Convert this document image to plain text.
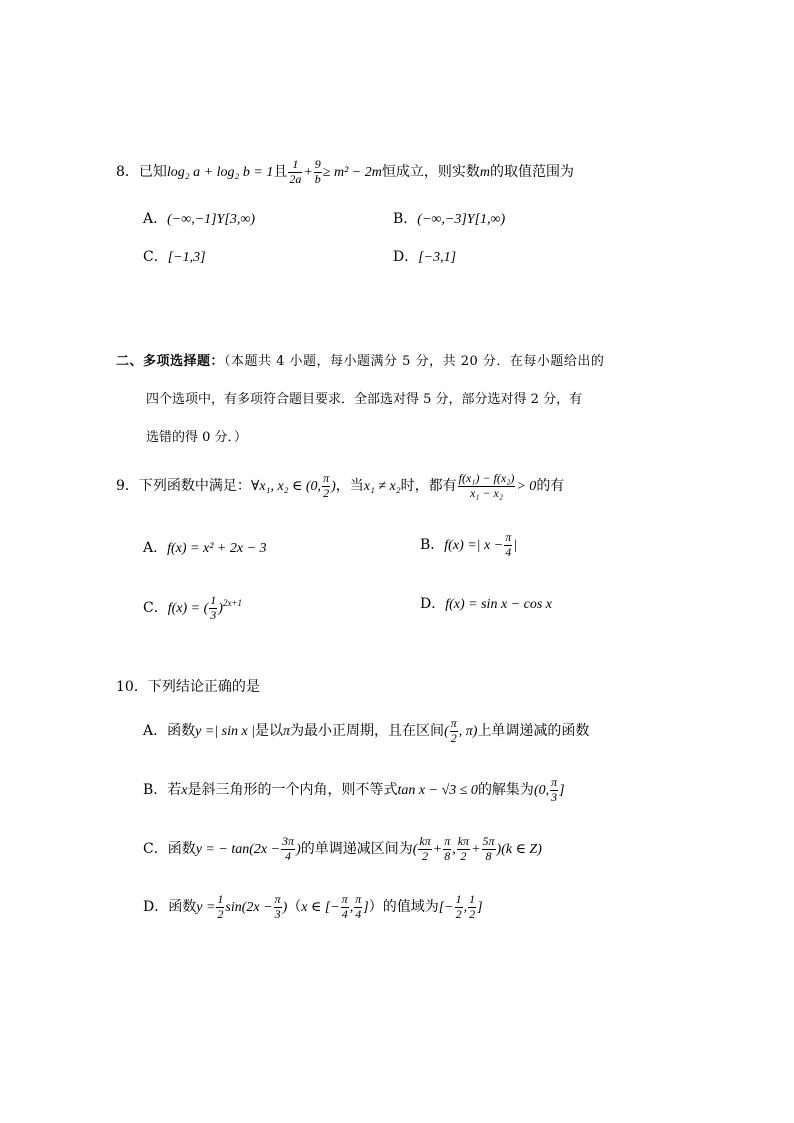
8．已知log₂ a + log₂ b = 1且 $\frac{1}{2a} + \frac{9}{b} \ge m^2 - 2m$恒成立，则实数m的取值范围为
A．(−∞,−1]Y[3,∞)	B．(−∞,−3]Y[1,∞)
C．[−1,3]	D．[−3,1]
二、多项选择题：（本题共 4 小题，每小题满分 5 分，共 20 分．在每小题给出的
四个选项中，有多项符合题目要求．全部选对得 5 分，部分选对得 2 分，有
选错的得 0 分．）
9．下列函数中满足：∀x₁, x₂ ∈ (0, $\frac{\pi}{2}$ )，当x₁ ≠ x₂时，都有 $\frac{\text{f(x₁) − f(x₂)}}{\text{x₁ − x₂}} > 0$的有
A．f(x) = x² + 2x − 3	B．f(x) =| $x - \frac{\pi}{4}$ |
C．f(x) = ( $\frac{1}{3} )^{2x+1}$	D．f(x) = sin x − cos x
10．下列结论正确的是
A．函数y =| sin x |是以π为最小正周期，且在区间( $\frac{\pi}{2}$ , π)上单调递减的函数
B．若x是斜三角形的一个内角，则不等式tan x − √3 ≤ 0的解集为(0, $\frac{\pi}{3}$ ]
C．函数y = − $\tan(2x - \frac{3\pi}{4}$ )的单调递减区间为( $\frac{k\pi}{2} + \frac{\pi}{8}$ , $\frac{k\pi}{2} + \frac{5\pi}{8} )(k$ ∈ Z)
D．函数$y = \frac{1}{2} \sin(2x - \frac{\pi}{3} )(x$ ∈ [− $\frac{\pi}{4}$ , $\frac{\pi}{4}$ ]）的值域为[− $\frac{1}{2}$ , $\frac{1}{2}$ ]
